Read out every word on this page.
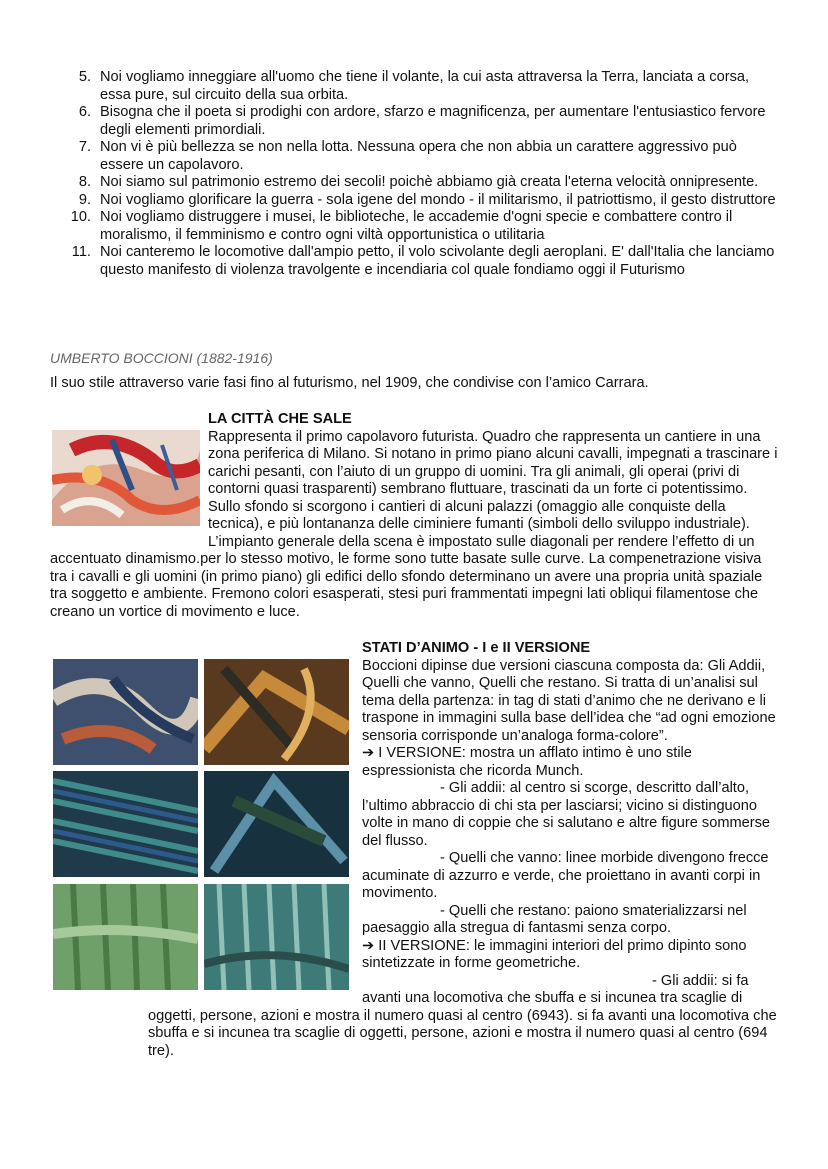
5. Noi vogliamo inneggiare all'uomo che tiene il volante, la cui asta attraversa la Terra, lanciata a corsa, essa pure, sul circuito della sua orbita.
6. Bisogna che il poeta si prodighi con ardore, sfarzo e magnificenza, per aumentare l'entusiastico fervore degli elementi primordiali.
7. Non vi è più bellezza se non nella lotta. Nessuna opera che non abbia un carattere aggressivo può essere un capolavoro.
8. Noi siamo sul patrimonio estremo dei secoli! poichè abbiamo già creata l'eterna velocità onnipresente.
9. Noi vogliamo glorificare la guerra - sola igene del mondo - il militarismo, il patriottismo, il gesto distruttore
10. Noi vogliamo distruggere i musei, le biblioteche, le accademie d'ogni specie e combattere contro il moralismo, il femminismo e contro ogni viltà opportunistica o utilitaria
11. Noi canteremo le locomotive dall'ampio petto, il volo scivolante degli aeroplani. E' dall'Italia che lanciamo questo manifesto di violenza travolgente e incendiaria col quale fondiamo oggi il Futurismo
UMBERTO BOCCIONI (1882-1916)
Il suo stile attraverso varie fasi fino al futurismo, nel 1909, che condivise con l’amico Carrara.
LA CITTÀ CHE SALE

Rappresenta il primo capolavoro futurista. Quadro che rappresenta un cantiere in una zona periferica di Milano. Si notano in primo piano alcuni cavalli, impegnati a trascinare i carichi pesanti, con l’aiuto di un gruppo di uomini. Tra gli animali, gli operai (privi di contorni quasi trasparenti) sembrano fluttuare, trascinati da un forte ci potentissimo. Sullo sfondo si scorgono i cantieri di alcuni palazzi (omaggio alle conquiste della tecnica), e più lontananza delle ciminiere fumanti (simboli dello sviluppo industriale). L’impianto generale della scena è impostato sulle diagonali per rendere l’effetto di un accentuato dinamismo.per lo stesso motivo, le forme sono tutte basate sulle curve. La compenetrazione visiva tra i cavalli e gli uomini (in primo piano) gli edifici dello sfondo determinano un avere una propria unità spaziale tra soggetto e ambiente. Fremono colori esasperati, stesi puri frammentati impegni lati obliqui filamentose che creano un vortice di movimento e luce.

STATI D’ANIMO - I e II VERSIONE

Boccioni dipinse due versioni ciascuna composta da: Gli Addii, Quelli che vanno, Quelli che restano. Si tratta di un’analisi sul tema della partenza: in tag di stati d’animo che ne derivano e li traspone in immagini sulla base dell’idea che “ad ogni emozione sensoria corrisponde un’analoga forma-colore”.

➔ I VERSIONE: mostra un afflato intimo è uno stile espressionista che ricorda Munch.

- Gli addii: al centro si scorge, descritto dall’alto, l’ultimo abbraccio di chi sta per lasciarsi; vicino si distinguono volte in mano di coppie che si salutano e altre figure sommerse del flusso.

- Quelli che vanno: linee morbide divengono frecce acuminate di azzurro e verde, che proiettano in avanti corpi in movimento.

- Quelli che restano: paiono smaterializzarsi nel paesaggio alla stregua di fantasmi senza corpo.

➔ II VERSIONE: le immagini interiori del primo dipinto sono sintetizzate in forme geometriche.

- Gli addii: si fa avanti una locomotiva che sbuffa e si incunea tra scaglie di oggetti, persone, azioni e mostra il numero quasi al centro (6943). si fa avanti una locomotiva che sbuffa e si incunea tra scaglie di oggetti, persone, azioni e mostra il numero quasi al centro (694 tre).
